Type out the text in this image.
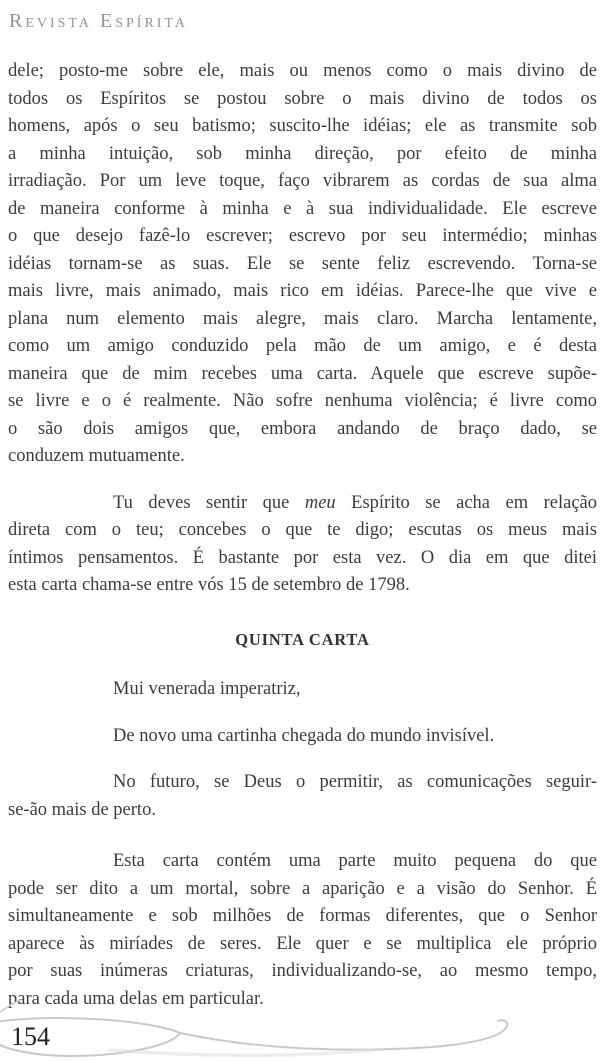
Revista Espírita
dele; posto-me sobre ele, mais ou menos como o mais divino de
todos os Espíritos se postou sobre o mais divino de todos os
homens, após o seu batismo; suscito-lhe idéias; ele as transmite sob
a minha intuição, sob minha direção, por efeito de minha
irradiação. Por um leve toque, faço vibrarem as cordas de sua alma
de maneira conforme à minha e à sua individualidade. Ele escreve
o que desejo fazê-lo escrever; escrevo por seu intermédio; minhas
idéias tornam-se as suas. Ele se sente feliz escrevendo. Torna-se
mais livre, mais animado, mais rico em idéias. Parece-lhe que vive e
plana num elemento mais alegre, mais claro. Marcha lentamente,
como um amigo conduzido pela mão de um amigo, e é desta
maneira que de mim recebes uma carta. Aquele que escreve supõe-
se livre e o é realmente. Não sofre nenhuma violência; é livre como
o são dois amigos que, embora andando de braço dado, se
conduzem mutuamente.
Tu deves sentir que meu Espírito se acha em relação
direta com o teu; concebes o que te digo; escutas os meus mais
íntimos pensamentos. É bastante por esta vez. O dia em que ditei
esta carta chama-se entre vós 15 de setembro de 1798.
QUINTA CARTA
Mui venerada imperatriz,
De novo uma cartinha chegada do mundo invisível.
No futuro, se Deus o permitir, as comunicações seguir-
se-ão mais de perto.
Esta carta contém uma parte muito pequena do que
pode ser dito a um mortal, sobre a aparição e a visão do Senhor. É
simultaneamente e sob milhões de formas diferentes, que o Senhor
aparece às miríades de seres. Ele quer e se multiplica ele próprio
por suas inúmeras criaturas, individualizando-se, ao mesmo tempo,
para cada uma delas em particular.
154
